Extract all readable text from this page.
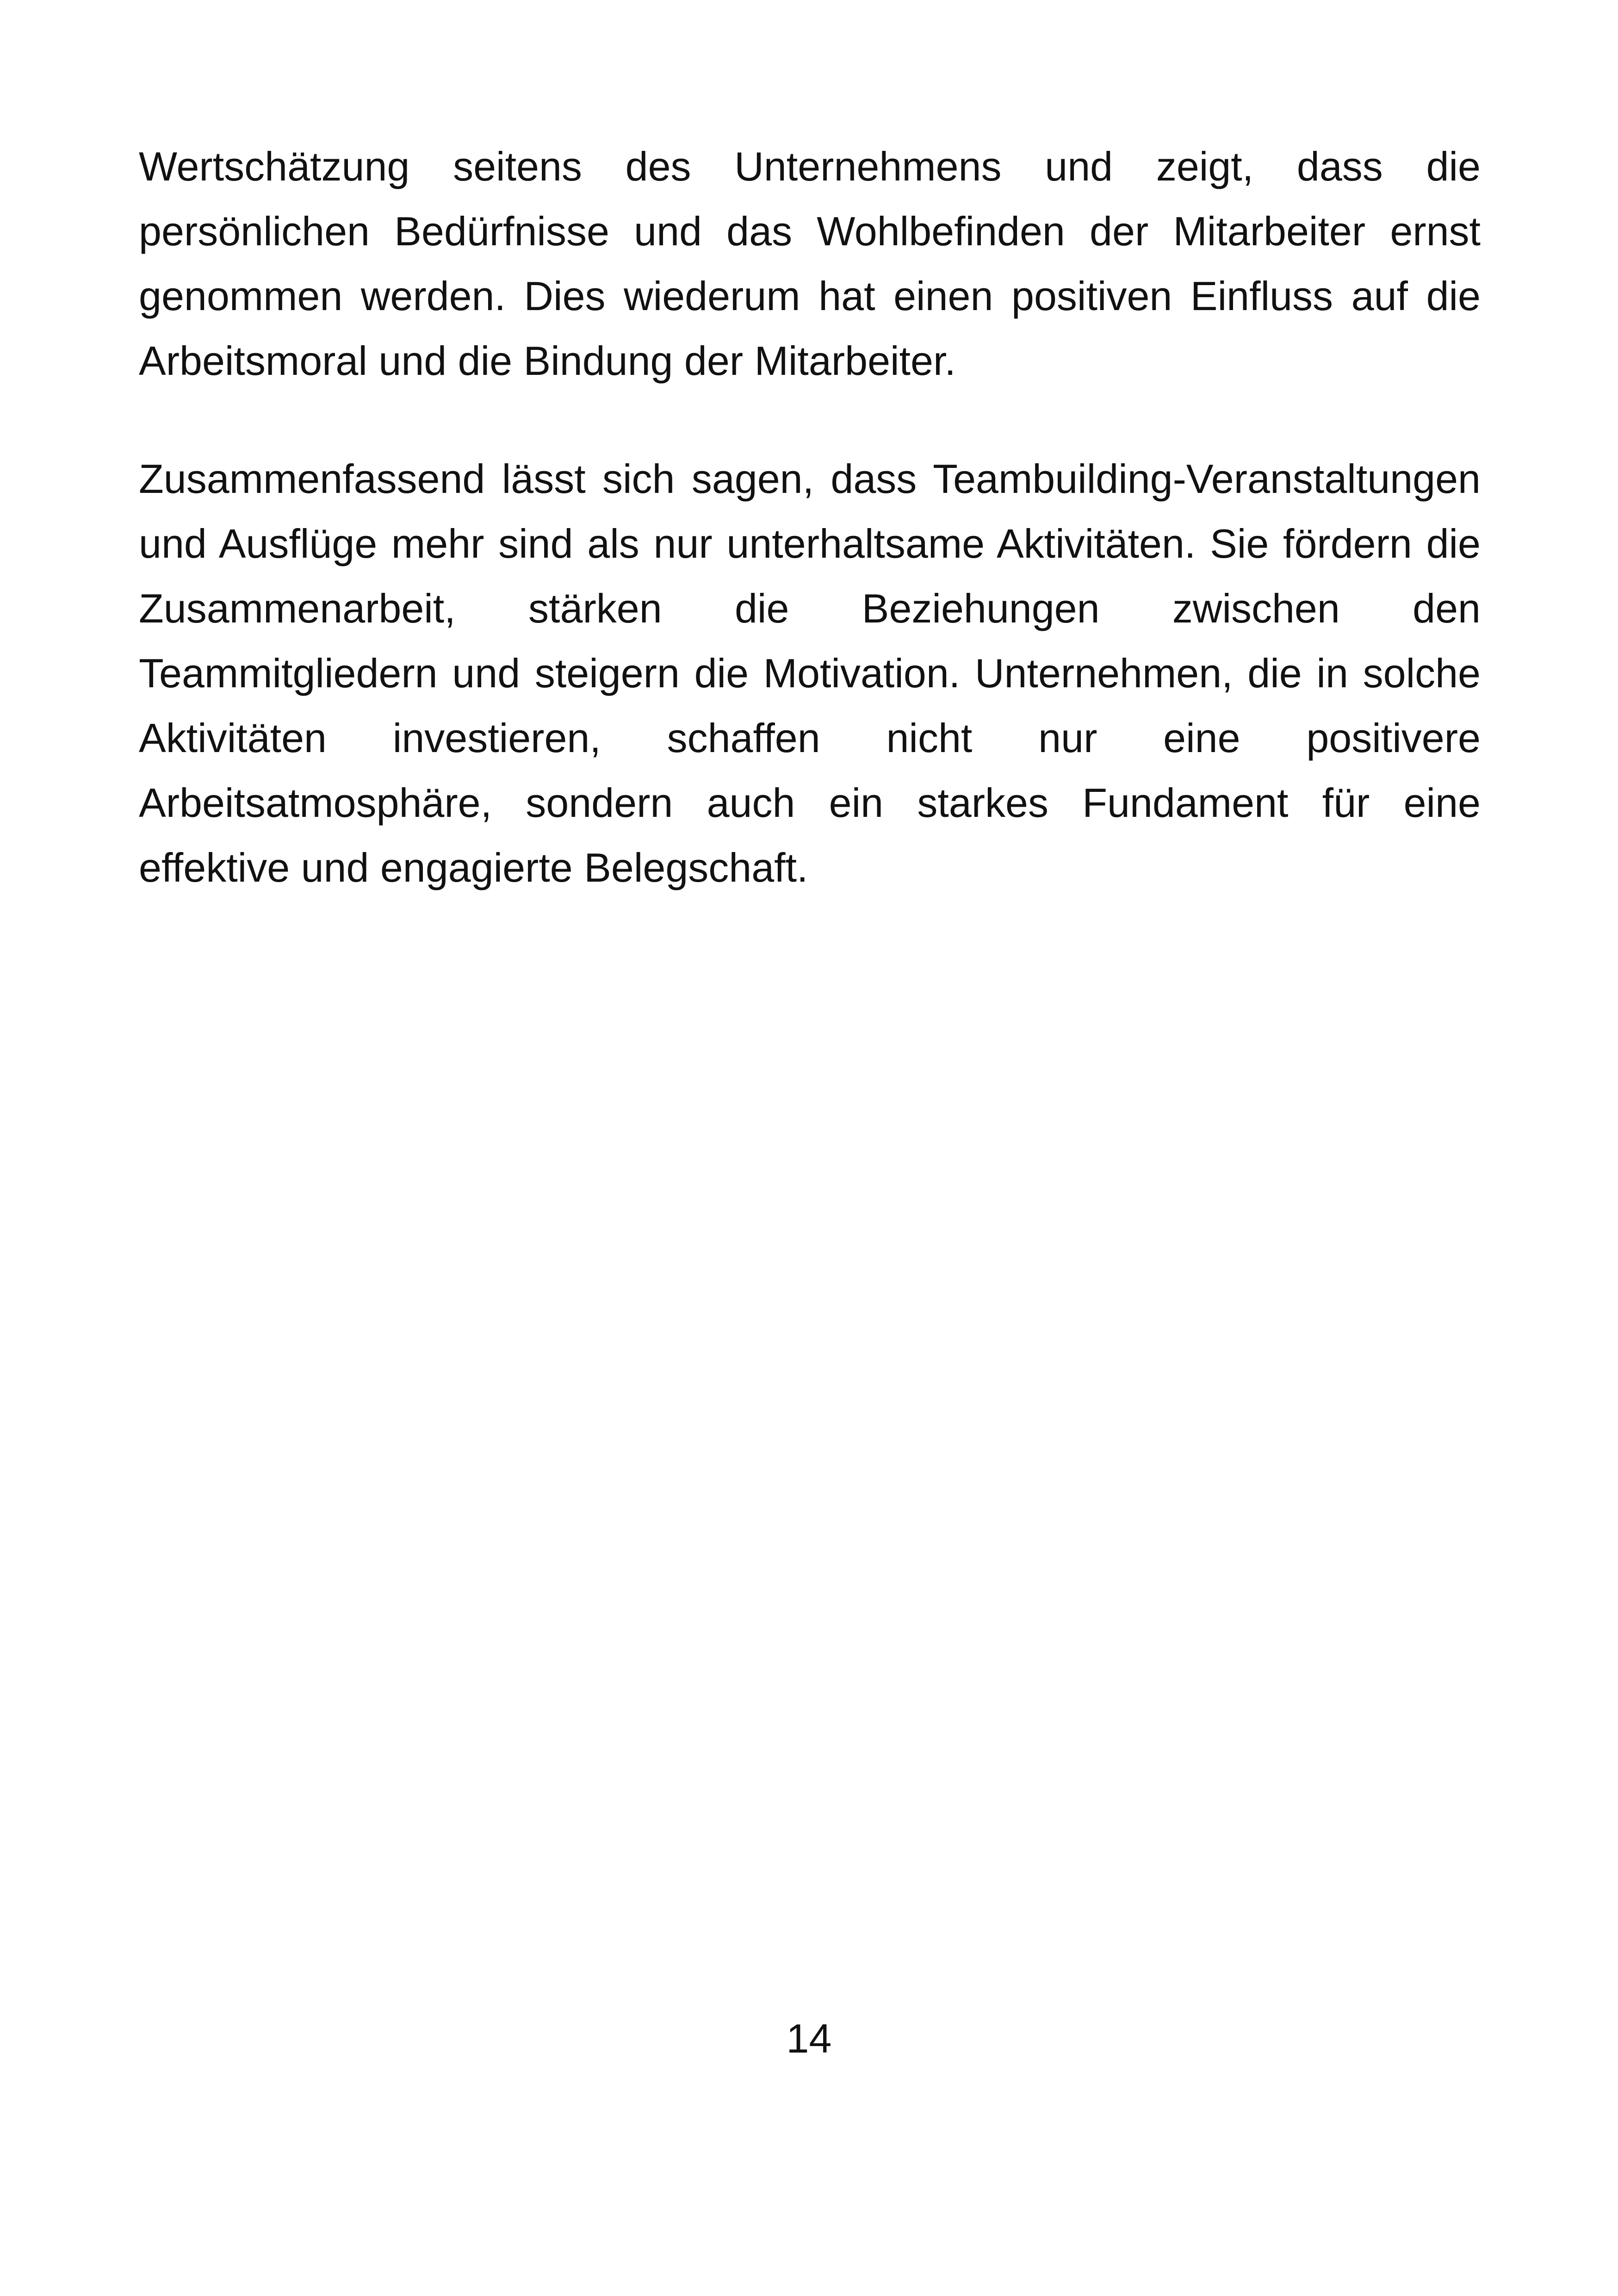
Wertschätzung seitens des Unternehmens und zeigt, dass die persönlichen Bedürfnisse und das Wohlbefinden der Mitarbeiter ernst genommen werden. Dies wiederum hat einen positiven Einfluss auf die Arbeitsmoral und die Bindung der Mitarbeiter.

Zusammenfassend lässt sich sagen, dass Teambuilding-Veranstaltungen und Ausflüge mehr sind als nur unterhaltsame Aktivitäten. Sie fördern die Zusammenarbeit, stärken die Beziehungen zwischen den Teammitgliedern und steigern die Motivation. Unternehmen, die in solche Aktivitäten investieren, schaffen nicht nur eine positivere Arbeitsatmosphäre, sondern auch ein starkes Fundament für eine effektive und engagierte Belegschaft.

14
